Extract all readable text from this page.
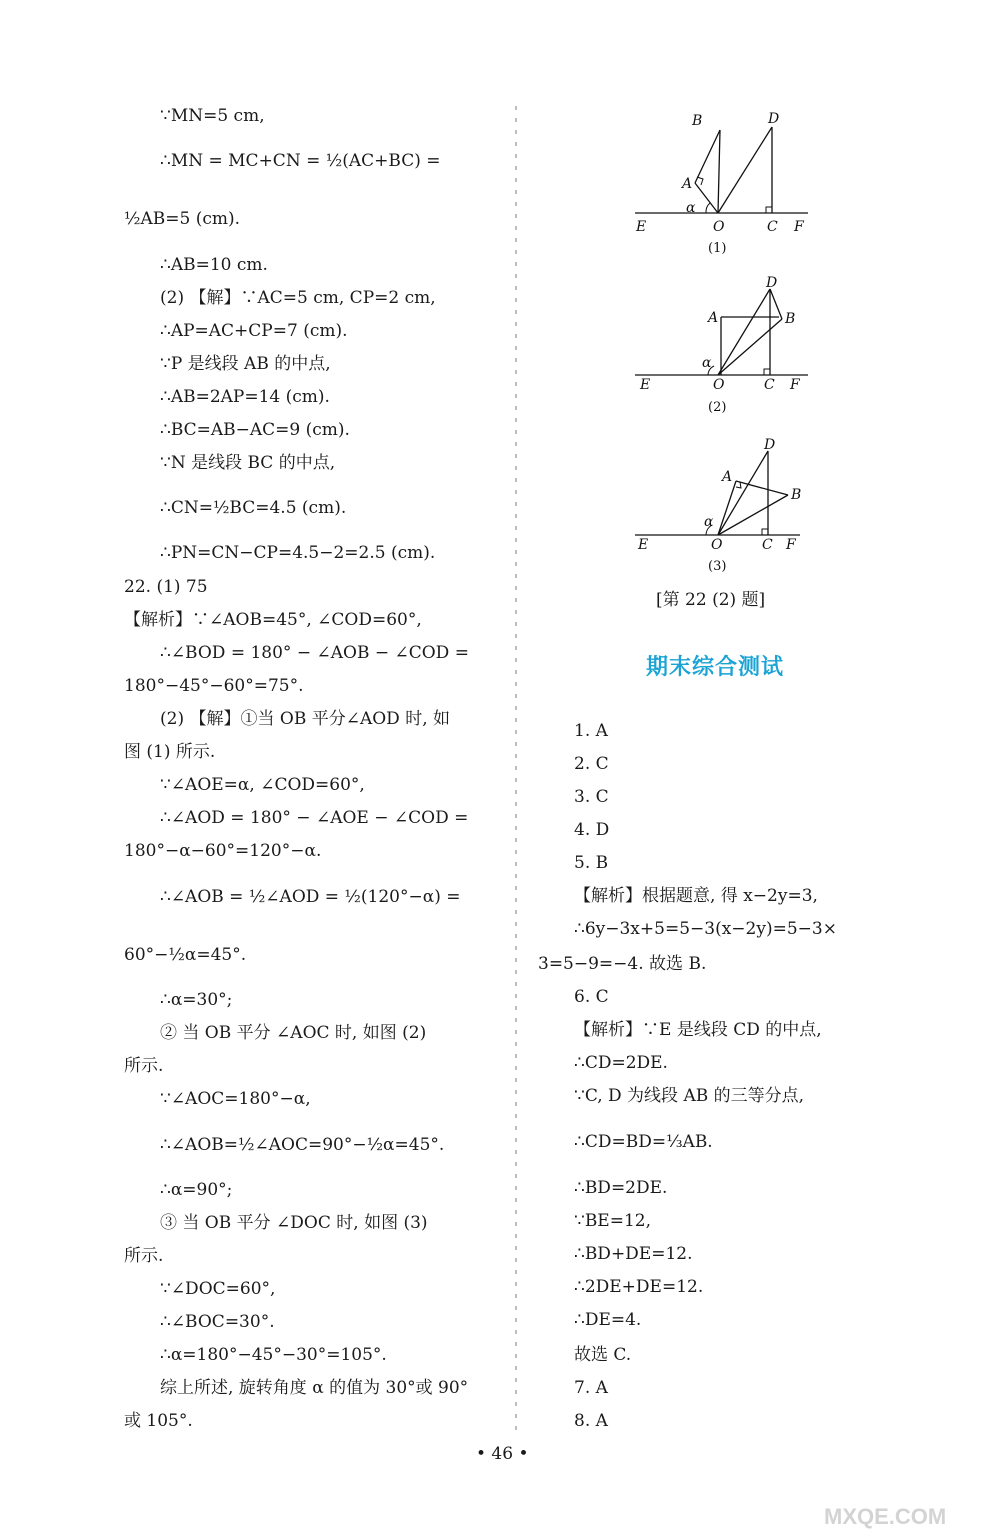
∵MN=5 cm,
∴MN = MC+CN = ½(AC+BC) =
½AB=5 (cm).
∴AB=10 cm.
(2) 【解】∵AC=5 cm, CP=2 cm,
∴AP=AC+CP=7 (cm).
∵P 是线段 AB 的中点,
∴AB=2AP=14 (cm).
∴BC=AB−AC=9 (cm).
∵N 是线段 BC 的中点,
∴CN=½BC=4.5 (cm).
∴PN=CN−CP=4.5−2=2.5 (cm).
22. (1) 75
【解析】∵∠AOB=45°, ∠COD=60°,
∴∠BOD = 180° − ∠AOB − ∠COD =
180°−45°−60°=75°.
(2) 【解】①当 OB 平分∠AOD 时, 如
图 (1) 所示.
∵∠AOE=α, ∠COD=60°,
∴∠AOD = 180° − ∠AOE − ∠COD =
180°−α−60°=120°−α.
∴∠AOB = ½∠AOD = ½(120°−α) =
60°−½α=45°.
∴α=30°;
② 当 OB 平分 ∠AOC 时, 如图 (2)
所示.
∵∠AOC=180°−α,
∴∠AOB=½∠AOC=90°−½α=45°.
∴α=90°;
③ 当 OB 平分 ∠DOC 时, 如图 (3)
所示.
∵∠DOC=60°,
∴∠BOC=30°.
∴α=180°−45°−30°=105°.
综上所述, 旋转角度 α 的值为 30°或 90°
或 105°.
1. A
2. C
3. C
4. D
5. B
【解析】根据题意, 得 x−2y=3,
∴6y−3x+5=5−3(x−2y)=5−3×
3=5−9=−4. 故选 B.
6. C
【解析】∵E 是线段 CD 的中点,
∴CD=2DE.
∵C, D 为线段 AB 的三等分点,
∴CD=BD=⅓AB.
∴BD=2DE.
∵BE=12,
∴BD+DE=12.
∴2DE+DE=12.
∴DE=4.
故选 C.
7. A
8. A
B	D
A
α
E	O	C F
(1)
D
A	B
α
E	O	C F
(2)
D
A
B
α
E	O	C F
(3)
[第 22 (2) 题]
期末综合测试
• 46 •
MXQE.COM
